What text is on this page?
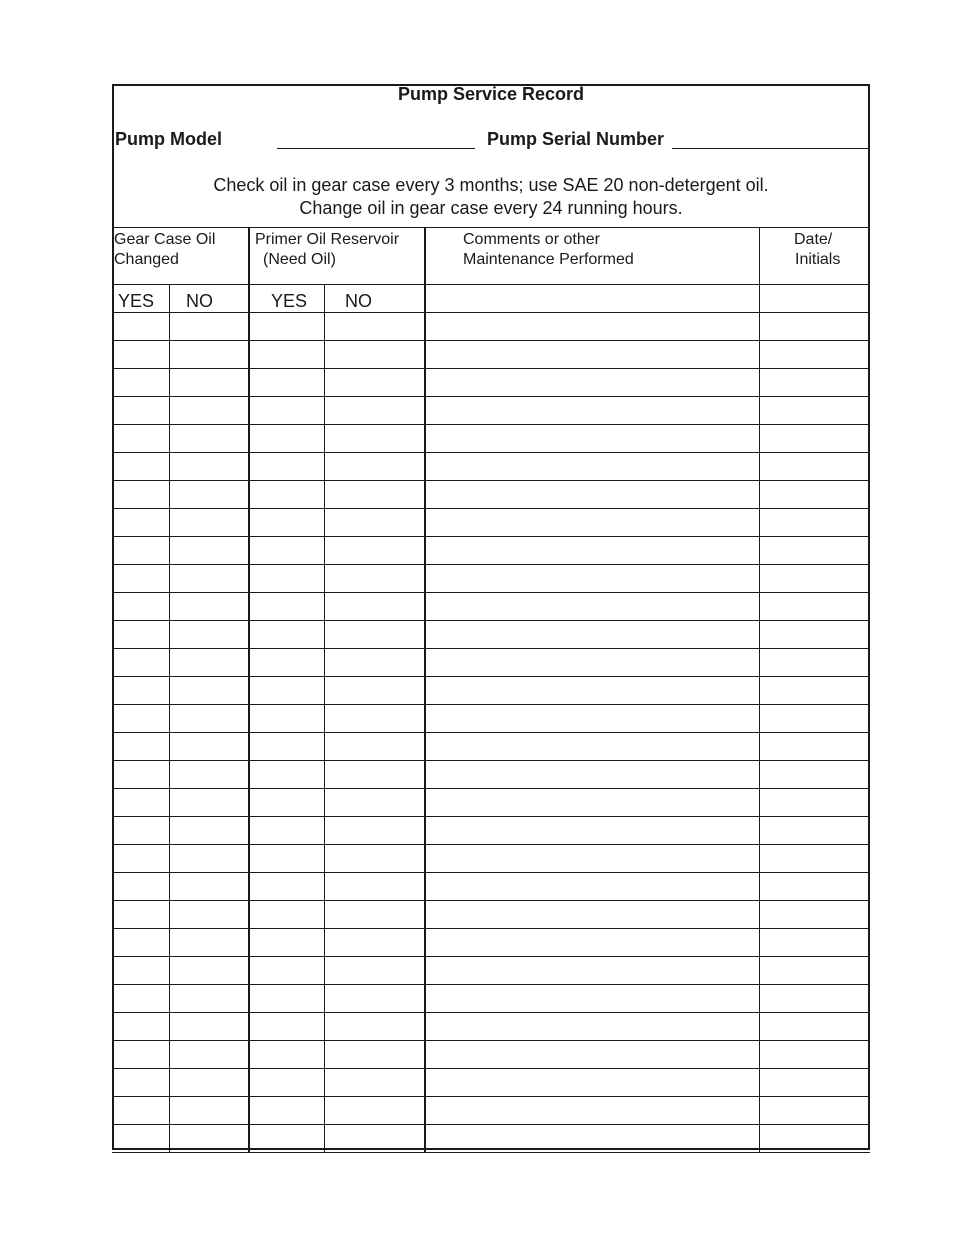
Pump Service Record
Pump Model	Pump Serial Number
Check oil in gear case every 3 months; use SAE 20 non-detergent oil.
Change oil in gear case every 24 running hours.
Gear Case Oil
Changed
Primer Oil Reservoir
(Need Oil)
Comments or other
Maintenance Performed
Date/
Initials
YES NO	YES NO
